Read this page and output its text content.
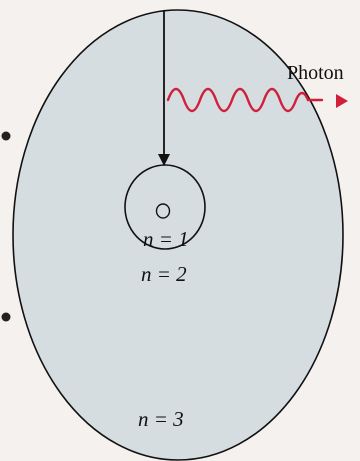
Photon
n = 1
n = 2
n = 3
